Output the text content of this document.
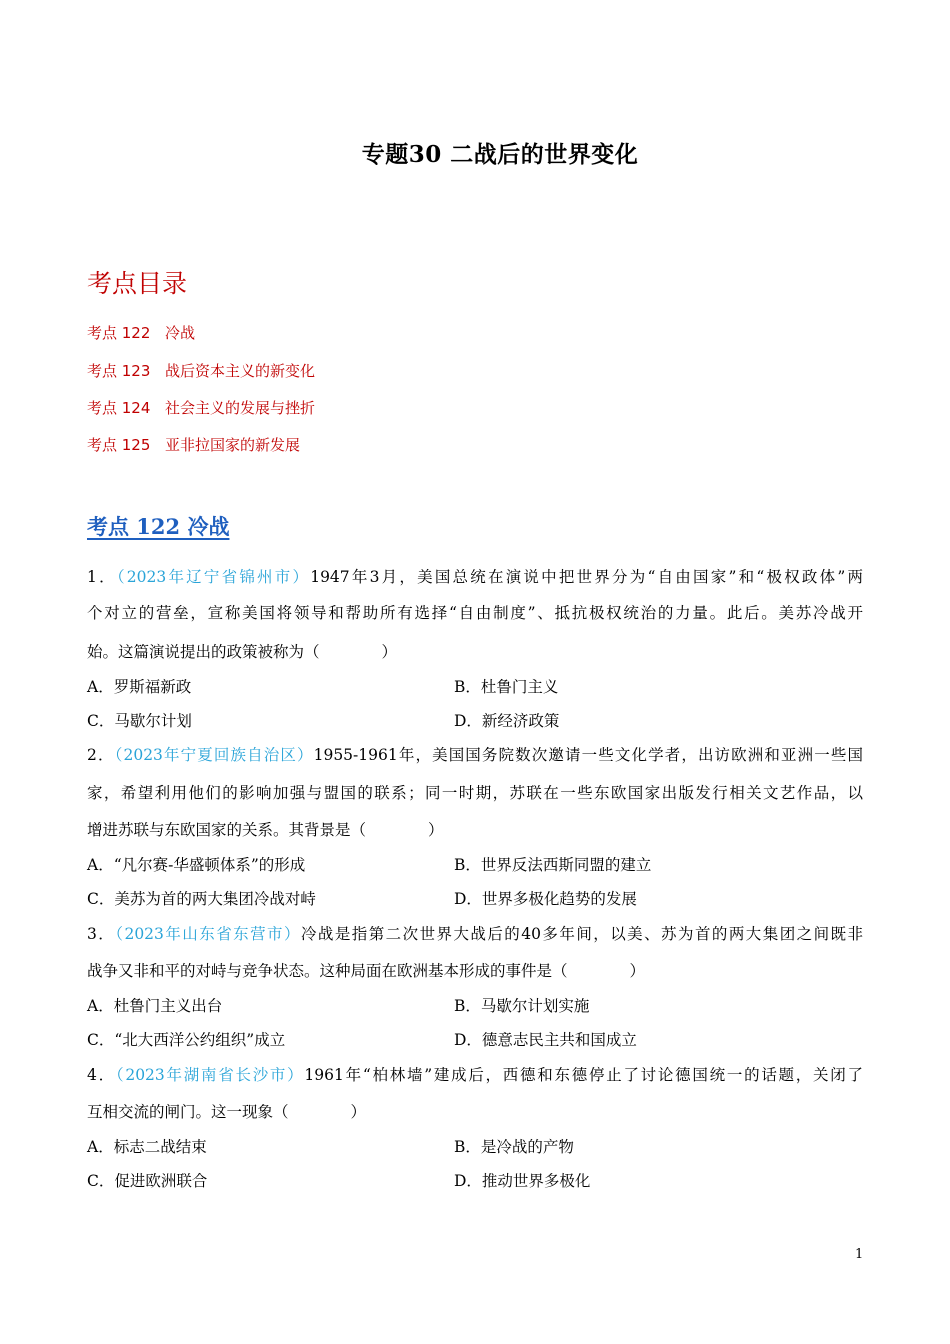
专题30 二战后的世界变化
考点目录
考点 122 冷战
考点 123 战后资本主义的新变化
考点 124 社会主义的发展与挫折
考点 125 亚非拉国家的新发展
考点 122 冷战
1．（2023年辽宁省锦州市）1947年3月，美国总统在演说中把世界分为“自由国家”和“极权政体”两
个对立的营垒，宣称美国将领导和帮助所有选择“自由制度”、抵抗极权统治的力量。此后。美苏冷战开
始。这篇演说提出的政策被称为（　　　　）
A．罗斯福新政	B．杜鲁门主义
C．马歇尔计划	D．新经济政策
2．（2023年宁夏回族自治区）1955-1961年，美国国务院数次邀请一些文化学者，出访欧洲和亚洲一些国
家，希望利用他们的影响加强与盟国的联系；同一时期，苏联在一些东欧国家出版发行相关文艺作品，以
增进苏联与东欧国家的关系。其背景是（　　　　）
A．“凡尔赛-华盛顿体系”的形成	B．世界反法西斯同盟的建立
C．美苏为首的两大集团冷战对峙	D．世界多极化趋势的发展
3．（2023年山东省东营市）冷战是指第二次世界大战后的40多年间，以美、苏为首的两大集团之间既非
战争又非和平的对峙与竞争状态。这种局面在欧洲基本形成的事件是（　　　　）
A．杜鲁门主义出台	B．马歇尔计划实施
C．“北大西洋公约组织”成立	D．德意志民主共和国成立
4．（2023年湖南省长沙市）1961年“柏林墙”建成后，西德和东德停止了讨论德国统一的话题，关闭了
互相交流的闸门。这一现象（　　　　）
A．标志二战结束	B．是冷战的产物
C．促进欧洲联合	D．推动世界多极化
1
